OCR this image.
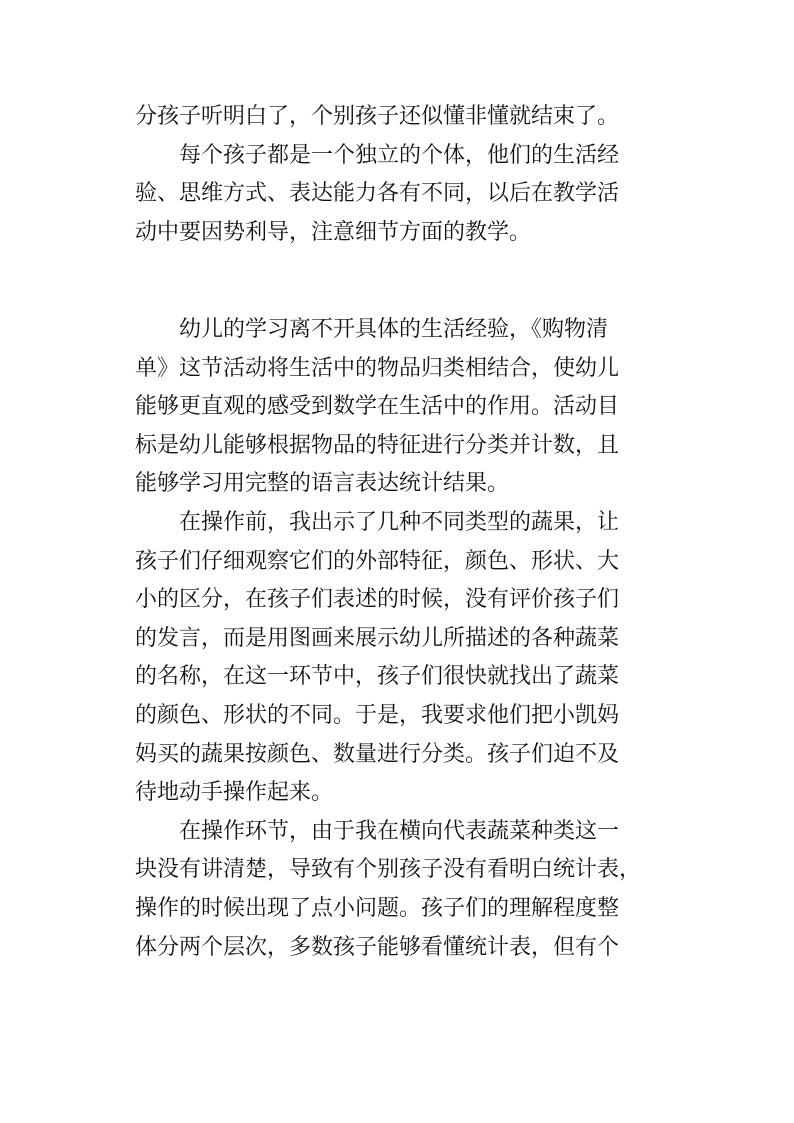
分孩子听明白了，个别孩子还似懂非懂就结束了。
每个孩子都是一个独立的个体，他们的生活经
验、思维方式、表达能力各有不同，以后在教学活
动中要因势利导，注意细节方面的教学。
幼儿的学习离不开具体的生活经验，《购物清
单》这节活动将生活中的物品归类相结合，使幼儿
能够更直观的感受到数学在生活中的作用。活动目
标是幼儿能够根据物品的特征进行分类并计数，且
能够学习用完整的语言表达统计结果。
在操作前，我出示了几种不同类型的蔬果，让
孩子们仔细观察它们的外部特征，颜色、形状、大
小的区分，在孩子们表述的时候，没有评价孩子们
的发言，而是用图画来展示幼儿所描述的各种蔬菜
的名称，在这一环节中，孩子们很快就找出了蔬菜
的颜色、形状的不同。于是，我要求他们把小凯妈
妈买的蔬果按颜色、数量进行分类。孩子们迫不及
待地动手操作起来。
在操作环节，由于我在横向代表蔬菜种类这一
块没有讲清楚，导致有个别孩子没有看明白统计表，
操作的时候出现了点小问题。孩子们的理解程度整
体分两个层次，多数孩子能够看懂统计表，但有个
